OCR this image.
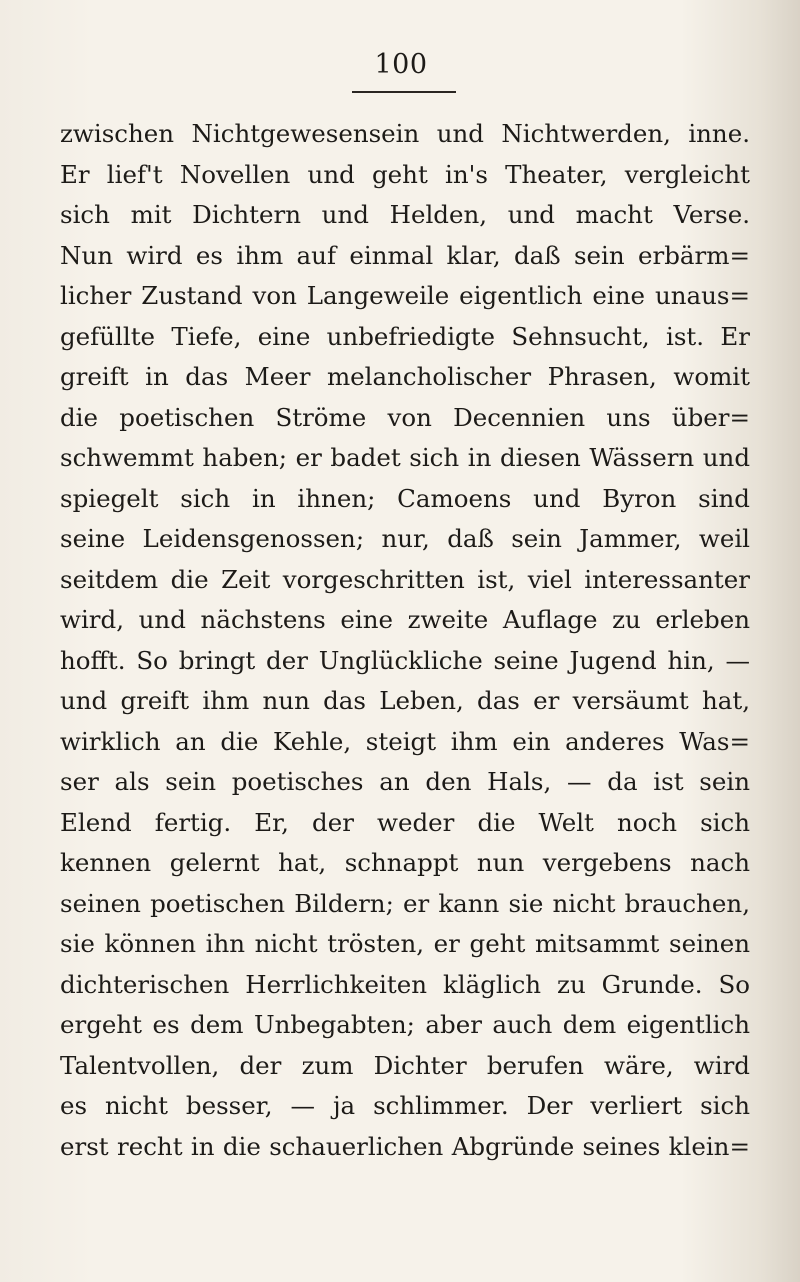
100
zwischen Nichtgewesensein und Nichtwerden, inne.
Er lief't Novellen und geht in's Theater, vergleicht
sich mit Dichtern und Helden, und macht Verse.
Nun wird es ihm auf einmal klar, daß sein erbärm=
licher Zustand von Langeweile eigentlich eine unaus=
gefüllte Tiefe, eine unbefriedigte Sehnsucht, ist. Er
greift in das Meer melancholischer Phrasen, womit
die poetischen Ströme von Decennien uns über=
schwemmt haben; er badet sich in diesen Wässern und
spiegelt sich in ihnen; Camoens und Byron sind
seine Leidensgenossen; nur, daß sein Jammer, weil
seitdem die Zeit vorgeschritten ist, viel interessanter
wird, und nächstens eine zweite Auflage zu erleben
hofft. So bringt der Unglückliche seine Jugend hin, —
und greift ihm nun das Leben, das er versäumt hat,
wirklich an die Kehle, steigt ihm ein anderes Was=
ser als sein poetisches an den Hals, — da ist sein
Elend fertig. Er, der weder die Welt noch sich
kennen gelernt hat, schnappt nun vergebens nach
seinen poetischen Bildern; er kann sie nicht brauchen,
sie können ihn nicht trösten, er geht mitsammt seinen
dichterischen Herrlichkeiten kläglich zu Grunde. So
ergeht es dem Unbegabten; aber auch dem eigentlich
Talentvollen, der zum Dichter berufen wäre, wird
es nicht besser, — ja schlimmer. Der verliert sich
erst recht in die schauerlichen Abgründe seines klein=
